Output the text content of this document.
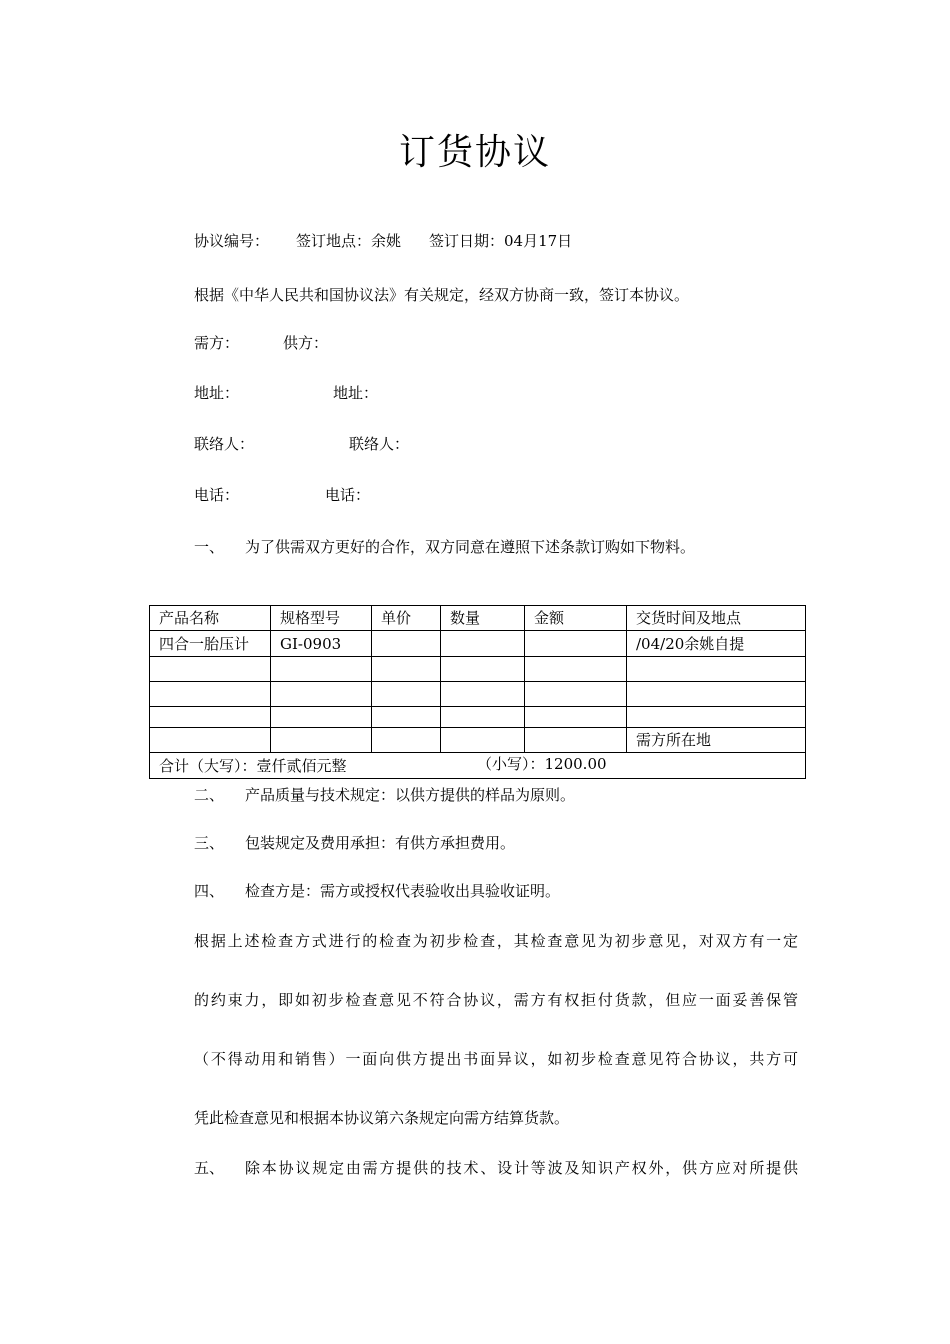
订货协议
协议编号： 签订地点：余姚 签订日期：04月17日
根据《中华人民共和国协议法》有关规定，经双方协商一致，签订本协议。
需方：	供方：
地址：	地址：
联络人：	联络人：
电话：	电话：
一、 为了供需双方更好的合作，双方同意在遵照下述条款订购如下物料。
产品名称	规格型号	单价	数量	金额	交货时间及地点
四合一胎压计	GI-0903				/04/20余姚自提

					需方所在地
合计（大写）：壹仟贰佰元整 （小写）：1200.00					
二、 产品质量与技术规定：以供方提供的样品为原则。
三、 包装规定及费用承担：有供方承担费用。
四、 检查方是：需方或授权代表验收出具验收证明。
根据上述检查方式进行的检查为初步检查，其检查意见为初步意见，对双方有一定
的约束力，即如初步检查意见不符合协议，需方有权拒付货款，但应一面妥善保管
（不得动用和销售）一面向供方提出书面异议，如初步检查意见符合协议，共方可
凭此检查意见和根据本协议第六条规定向需方结算货款。
五、 除本协议规定由需方提供的技术、设计等波及知识产权外，供方应对所提供
